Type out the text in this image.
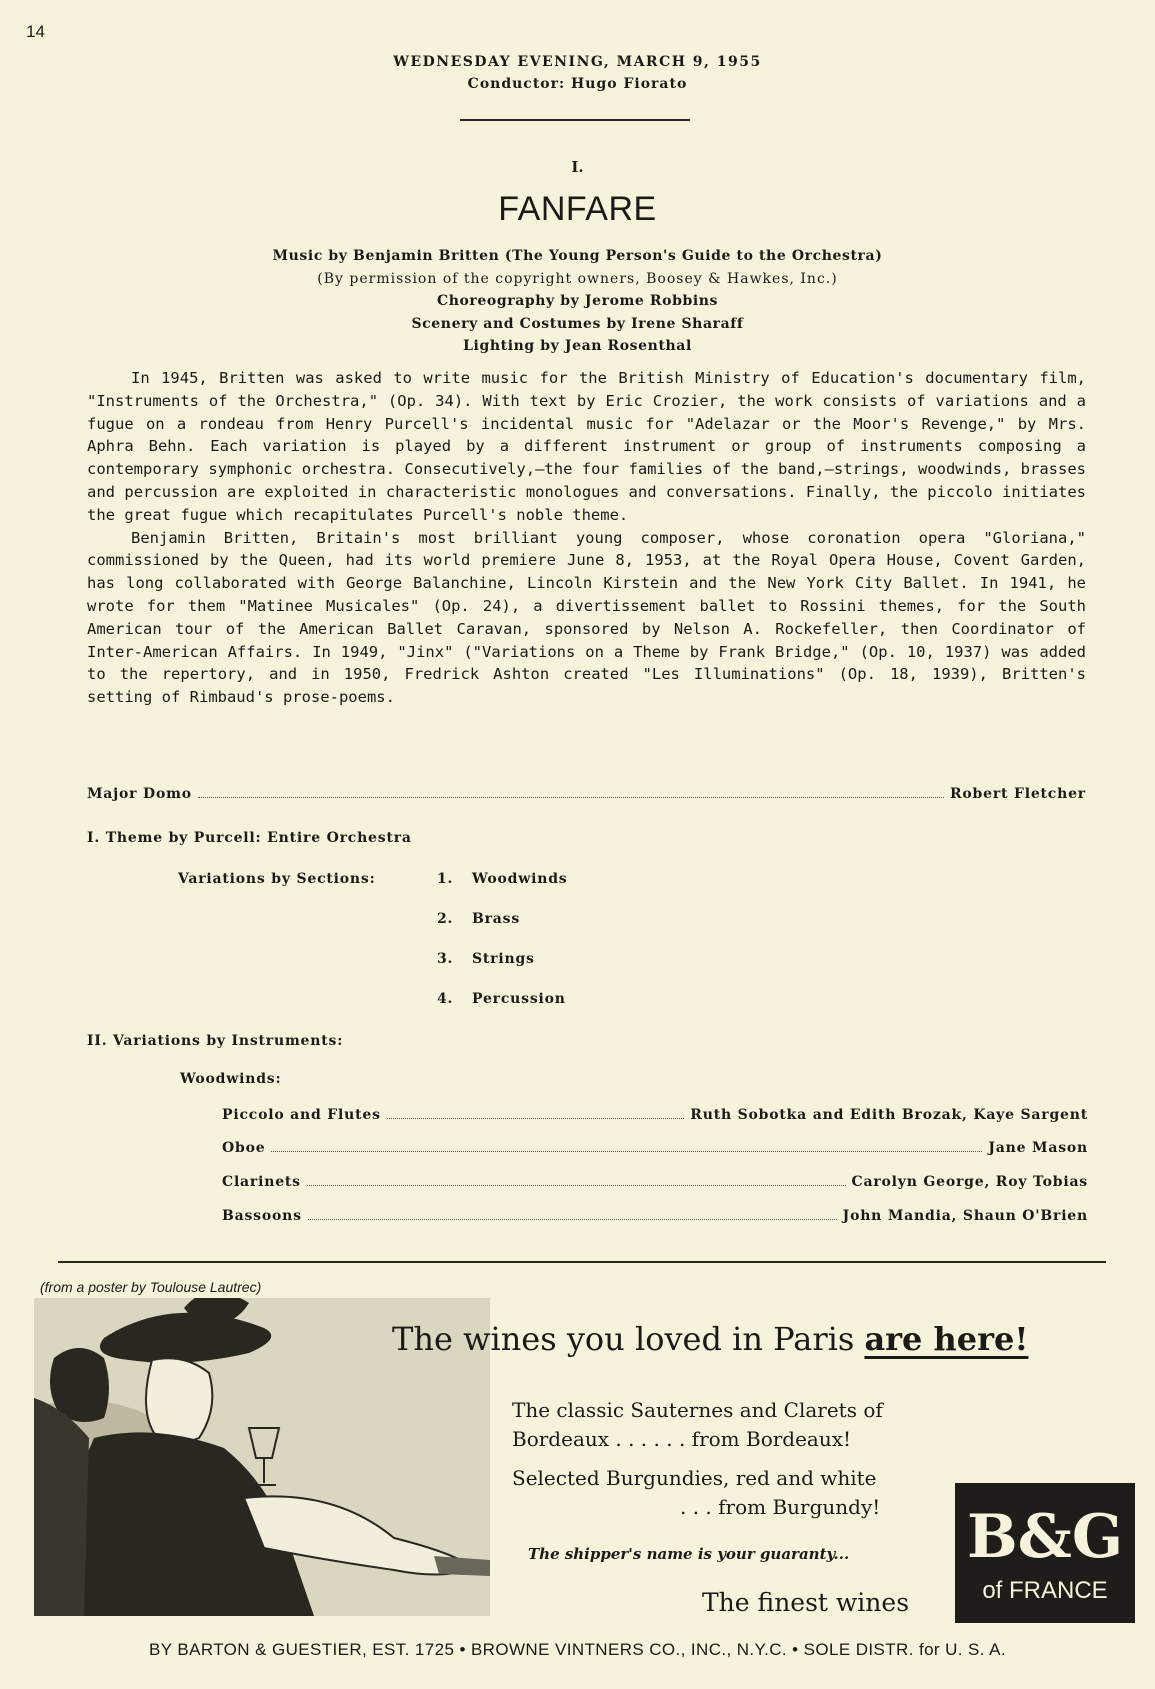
14
WEDNESDAY EVENING, MARCH 9, 1955
Conductor: Hugo Fiorato
I.
FANFARE
Music by Benjamin Britten (The Young Person's Guide to the Orchestra)
(By permission of the copyright owners, Boosey & Hawkes, Inc.)
Choreography by Jerome Robbins
Scenery and Costumes by Irene Sharaff
Lighting by Jean Rosenthal

In 1945, Britten was asked to write music for the British Ministry of Education's documentary film, "Instruments of the Orchestra," (Op. 34). With text by Eric Crozier, the work consists of variations and a fugue on a rondeau from Henry Purcell's incidental music for "Adelazar or the Moor's Revenge," by Mrs. Aphra Behn. Each variation is played by a different instrument or group of instruments composing a contemporary symphonic orchestra. Consecutively,—the four families of the band,—strings, woodwinds, brasses and percussion are exploited in characteristic monologues and conversations. Finally, the piccolo initiates the great fugue which recapitulates Purcell's noble theme.

Benjamin Britten, Britain's most brilliant young composer, whose coronation opera "Gloriana," commissioned by the Queen, had its world premiere June 8, 1953, at the Royal Opera House, Covent Garden, has long collaborated with George Balanchine, Lincoln Kirstein and the New York City Ballet. In 1941, he wrote for them "Matinee Musicales" (Op. 24), a divertissement ballet to Rossini themes, for the South American tour of the American Ballet Caravan, sponsored by Nelson A. Rockefeller, then Coordinator of Inter-American Affairs. In 1949, "Jinx" ("Variations on a Theme by Frank Bridge," (Op. 10, 1937) was added to the repertory, and in 1950, Fredrick Ashton created "Les Illuminations" (Op. 18, 1939), Britten's setting of Rimbaud's prose-poems.

Major Domo	Robert Fletcher
I. Theme by Purcell: Entire Orchestra
Variations by Sections:	1. Woodwinds
2. Brass
3. Strings
4. Percussion
II. Variations by Instruments:
Woodwinds:
Piccolo and Flutes	Ruth Sobotka and Edith Brozak, Kaye Sargent
Oboe	Jane Mason
Clarinets	Carolyn George, Roy Tobias
Bassoons	John Mandia, Shaun O'Brien
(from a poster by Toulouse Lautrec)
The wines you loved in Paris are here!
The classic Sauternes and Clarets of
Bordeaux . . . . . . from Bordeaux!
Selected Burgundies, red and white
. . . from Burgundy!
The shipper's name is your guaranty...
The finest wines
B&G
of FRANCE
BY BARTON & GUESTIER, EST. 1725 • BROWNE VINTNERS CO., INC., N.Y.C. • SOLE DISTR. for U. S. A.
